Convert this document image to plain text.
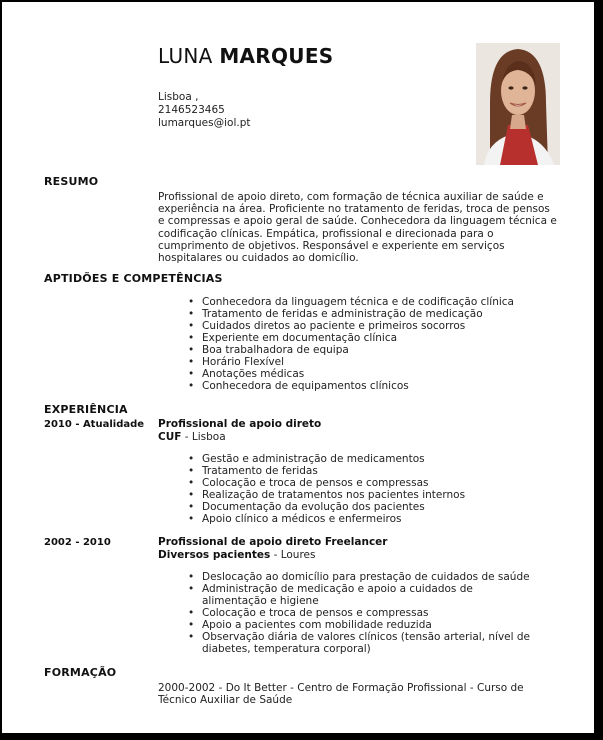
LUNA MARQUES
Lisboa ,
2146523465
lumarques@iol.pt
RESUMO
Profissional de apoio direto, com formação de técnica auxiliar de saúde e experiência na área. Proficiente no tratamento de feridas, troca de pensos e compressas e apoio geral de saúde. Conhecedora da linguagem técnica e codificação clínicas. Empática, profissional e direcionada para o cumprimento de objetivos. Responsável e experiente em serviços hospitalares ou cuidados ao domicílio.
APTIDÕES E COMPETÊNCIAS
• Conhecedora da linguagem técnica e de codificação clínica
• Tratamento de feridas e administração de medicação
• Cuidados diretos ao paciente e primeiros socorros
• Experiente em documentação clínica
• Boa trabalhadora de equipa
• Horário Flexível
• Anotações médicas
• Conhecedora de equipamentos clínicos
EXPERIÊNCIA
2010 - Atualidade Profissional de apoio direto
CUF - Lisboa
• Gestão e administração de medicamentos
• Tratamento de feridas
• Colocação e troca de pensos e compressas
• Realização de tratamentos nos pacientes internos
• Documentação da evolução dos pacientes
• Apoio clínico a médicos e enfermeiros
2002 - 2010	Profissional de apoio direto Freelancer
Diversos pacientes - Loures
• Deslocação ao domicílio para prestação de cuidados de saúde
• Administração de medicação e apoio a cuidados de alimentação e higiene
• Colocação e troca de pensos e compressas
• Apoio a pacientes com mobilidade reduzida
• Observação diária de valores clínicos (tensão arterial, nível de diabetes, temperatura corporal)
FORMAÇÃO
2000-2002 - Do It Better - Centro de Formação Profissional - Curso de Técnico Auxiliar de Saúde
